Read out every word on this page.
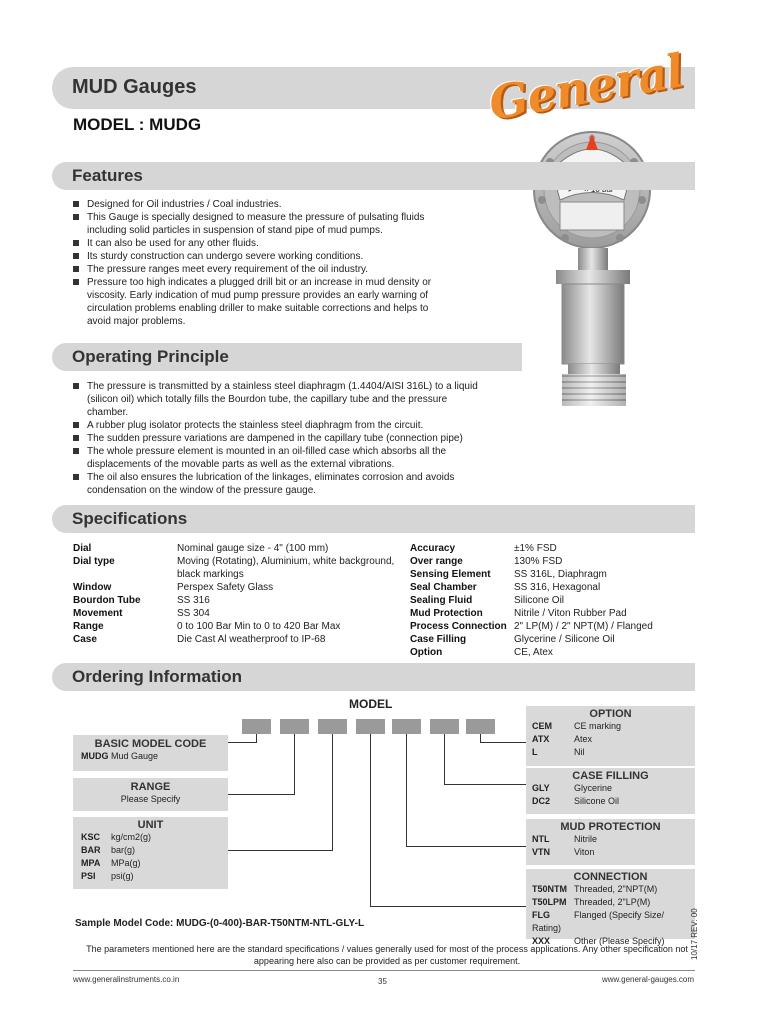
MUD Gauges	General
MODEL : MUDG
Features
Designed for Oil industries / Coal industries.
This Gauge is specially designed to measure the pressure of pulsating fluids including solid particles in suspension of stand pipe of mud pumps.
It can also be used for any other fluids.
Its sturdy construction can undergo severe working conditions.
The pressure ranges meet every requirement of the oil industry.
Pressure too high indicates a plugged drill bit or an increase in mud density or viscosity. Early indication of mud pump pressure provides an early warning of circulation problems enabling driller to make suitable corrections and helps to avoid major problems.
Operating Principle
The pressure is transmitted by a stainless steel diaphragm (1.4404/AISI 316L) to a liquid (silicon oil) which totally fills the Bourdon tube, the capillary tube and the pressure chamber.
A rubber plug isolator protects the stainless steel diaphragm from the circuit.
The sudden pressure variations are dampened in the capillary tube (connection pipe)
The whole pressure element is mounted in an oil-filled case which absorbs all the displacements of the movable parts as well as the external vibrations.
The oil also ensures the lubrication of the linkages, eliminates corrosion and avoids condensation on the window of the pressure gauge.
Specifications
Dial	Nominal gauge size - 4" (100 mm)
Dial type	Moving (Rotating), Aluminium, white background, black markings
Window	Perspex Safety Glass
Bourdon Tube	SS 316
Movement	SS 304
Range	0 to 100 Bar Min to 0 to 420 Bar Max
Case	Die Cast Al weatherproof to IP-68
Accuracy	±1% FSD
Over range	130% FSD
Sensing Element SS 316L, Diaphragm
Seal Chamber	SS 316, Hexagonal
Sealing Fluid	Silicone Oil
Mud Protection	Nitrile / Viton Rubber Pad
Process Connection 2" LP(M) / 2" NPT(M) / Flanged
Case Filling	Glycerine / Silicone Oil
Option	CE, Atex
Ordering Information
MODEL
BASIC MODEL CODE
MUDG Mud Gauge
RANGE
Please Specify
UNIT
KSC kg/cm2(g)
BAR bar(g)
MPA MPa(g)
PSI psi(g)
OPTION
CEM CE marking
ATX	Atex
L	Nil
CASE FILLING
GLY	Glycerine
DC2	Silicone Oil
MUD PROTECTION
NTL	Nitrile
VTN	Viton
CONNECTION
T50NTM Threaded, 2"NPT(M)
T50LPM Threaded, 2"LP(M)
FLG	Flanged (Specify Size/ Rating)
XXX	Other (Please Specify)
Sample Model Code: MUDG-(0-400)-BAR-T50NTM-NTL-GLY-L
The parameters mentioned here are the standard specifications / values generally used for most of the process applications. Any other specification not appearing here also can be provided as per customer requirement.
www.generalinstruments.co.in	35	www.general-gauges.com
10/17 REV: 00
